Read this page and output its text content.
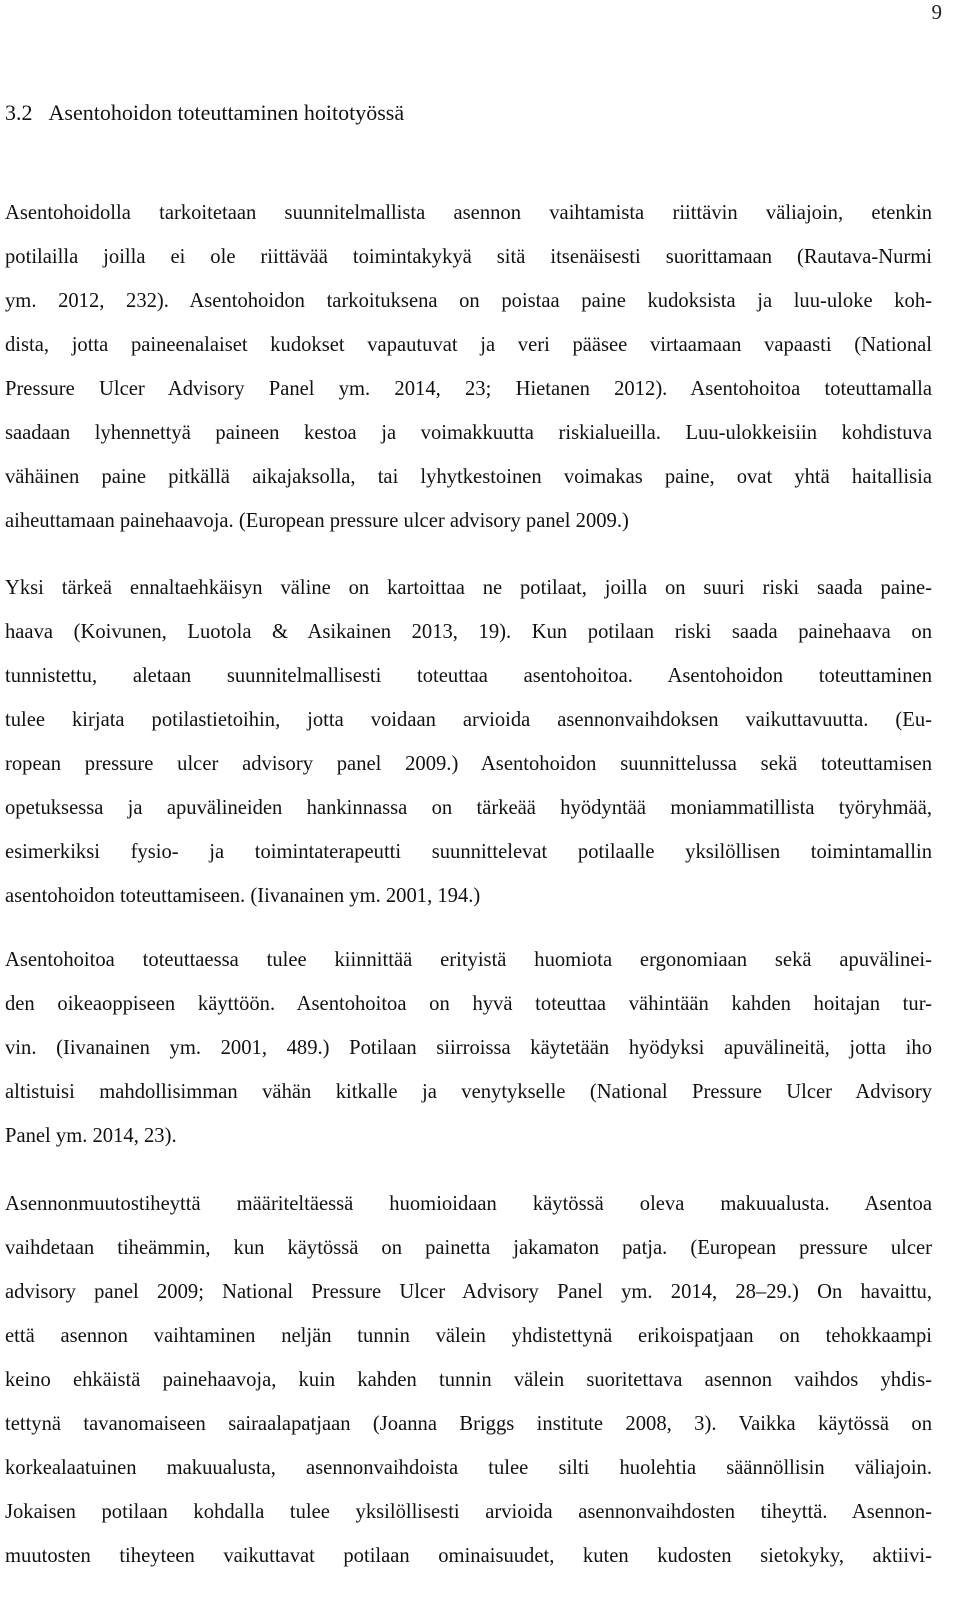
9
3.2 Asentohoidon toteuttaminen hoitotyössä

Asentohoidolla tarkoitetaan suunnitelmallista asennon vaihtamista riittävin väliajoin, etenkin
potilailla joilla ei ole riittävää toimintakykyä sitä itsenäisesti suorittamaan (Rautava-Nurmi
ym. 2012, 232). Asentohoidon tarkoituksena on poistaa paine kudoksista ja luu-uloke koh-
dista, jotta paineenalaiset kudokset vapautuvat ja veri pääsee virtaamaan vapaasti (National
Pressure Ulcer Advisory Panel ym. 2014, 23; Hietanen 2012). Asentohoitoa toteuttamalla
saadaan lyhennettyä paineen kestoa ja voimakkuutta riskialueilla. Luu-ulokkeisiin kohdistuva
vähäinen paine pitkällä aikajaksolla, tai lyhytkestoinen voimakas paine, ovat yhtä haitallisia
aiheuttamaan painehaavoja. (European pressure ulcer advisory panel 2009.)

Yksi tärkeä ennaltaehkäisyn väline on kartoittaa ne potilaat, joilla on suuri riski saada paine-
haava (Koivunen, Luotola & Asikainen 2013, 19). Kun potilaan riski saada painehaava on
tunnistettu, aletaan suunnitelmallisesti toteuttaa asentohoitoa. Asentohoidon toteuttaminen
tulee kirjata potilastietoihin, jotta voidaan arvioida asennonvaihdoksen vaikuttavuutta. (Eu-
ropean pressure ulcer advisory panel 2009.) Asentohoidon suunnittelussa sekä toteuttamisen
opetuksessa ja apuvälineiden hankinnassa on tärkeää hyödyntää moniammatillista työryhmää,
esimerkiksi fysio- ja toimintaterapeutti suunnittelevat potilaalle yksilöllisen toimintamallin
asentohoidon toteuttamiseen. (Iivanainen ym. 2001, 194.)

Asentohoitoa toteuttaessa tulee kiinnittää erityistä huomiota ergonomiaan sekä apuvälinei-
den oikeaoppiseen käyttöön. Asentohoitoa on hyvä toteuttaa vähintään kahden hoitajan tur-
vin. (Iivanainen ym. 2001, 489.) Potilaan siirroissa käytetään hyödyksi apuvälineitä, jotta iho
altistuisi mahdollisimman vähän kitkalle ja venytykselle (National Pressure Ulcer Advisory
Panel ym. 2014, 23).

Asennonmuutostiheyttä määriteltäessä huomioidaan käytössä oleva makuualusta. Asentoa
vaihdetaan tiheämmin, kun käytössä on painetta jakamaton patja. (European pressure ulcer
advisory panel 2009; National Pressure Ulcer Advisory Panel ym. 2014, 28–29.) On havaittu,
että asennon vaihtaminen neljän tunnin välein yhdistettynä erikoispatjaan on tehokkaampi
keino ehkäistä painehaavoja, kuin kahden tunnin välein suoritettava asennon vaihdos yhdis-
tettynä tavanomaiseen sairaalapatjaan (Joanna Briggs institute 2008, 3). Vaikka käytössä on
korkealaatuinen makuualusta, asennonvaihdoista tulee silti huolehtia säännöllisin väliajoin.
Jokaisen potilaan kohdalla tulee yksilöllisesti arvioida asennonvaihdosten tiheyttä. Asennon-
muutosten tiheyteen vaikuttavat potilaan ominaisuudet, kuten kudosten sietokyky, aktiivi-
